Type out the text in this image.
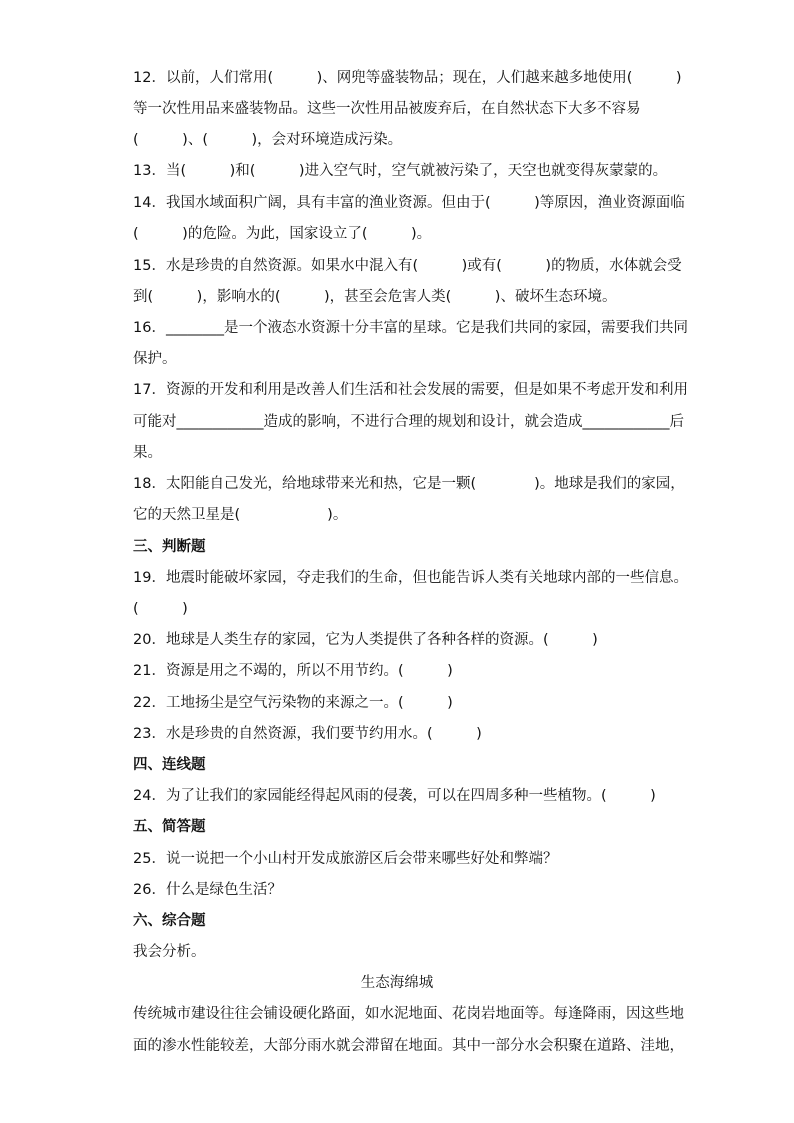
12．以前，人们常用(　　　)、网兜等盛装物品；现在，人们越来越多地使用(　　　)
等一次性用品来盛装物品。这些一次性用品被废弃后，在自然状态下大多不容易
(　　　)、(　　　)，会对环境造成污染。
13．当(　　　)和(　　　)进入空气时，空气就被污染了，天空也就变得灰蒙蒙的。
14．我国水域面积广阔，具有丰富的渔业资源。但由于(　　　)等原因，渔业资源面临
(　　　)的危险。为此，国家设立了(　　　)。
15．水是珍贵的自然资源。如果水中混入有(　　　)或有(　　　)的物质，水体就会受
到(　　　)，影响水的(　　　)，甚至会危害人类(　　　)、破坏生态环境。
16．________是一个液态水资源十分丰富的星球。它是我们共同的家园，需要我们共同
保护。
17．资源的开发和利用是改善人们生活和社会发展的需要，但是如果不考虑开发和利用
可能对____________造成的影响，不进行合理的规划和设计，就会造成____________后
果。
18．太阳能自己发光，给地球带来光和热，它是一颗(　　　　)。地球是我们的家园，
它的天然卫星是(　　　　　　)。
三、判断题
19．地震时能破坏家园，夺走我们的生命，但也能告诉人类有关地球内部的一些信息。
(　　　)
20．地球是人类生存的家园，它为人类提供了各种各样的资源。(　　　)
21．资源是用之不竭的，所以不用节约。(　　　)
22．工地扬尘是空气污染物的来源之一。(　　　)
23．水是珍贵的自然资源，我们要节约用水。(　　　)
四、连线题
24．为了让我们的家园能经得起风雨的侵袭，可以在四周多种一些植物。(　　　)
五、简答题
25．说一说把一个小山村开发成旅游区后会带来哪些好处和弊端？
26．什么是绿色生活？
六、综合题
我会分析。
生态海绵城
传统城市建设往往会铺设硬化路面，如水泥地面、花岗岩地面等。每逢降雨，因这些地
面的渗水性能较差，大部分雨水就会滞留在地面。其中一部分水会积聚在道路、洼地，
